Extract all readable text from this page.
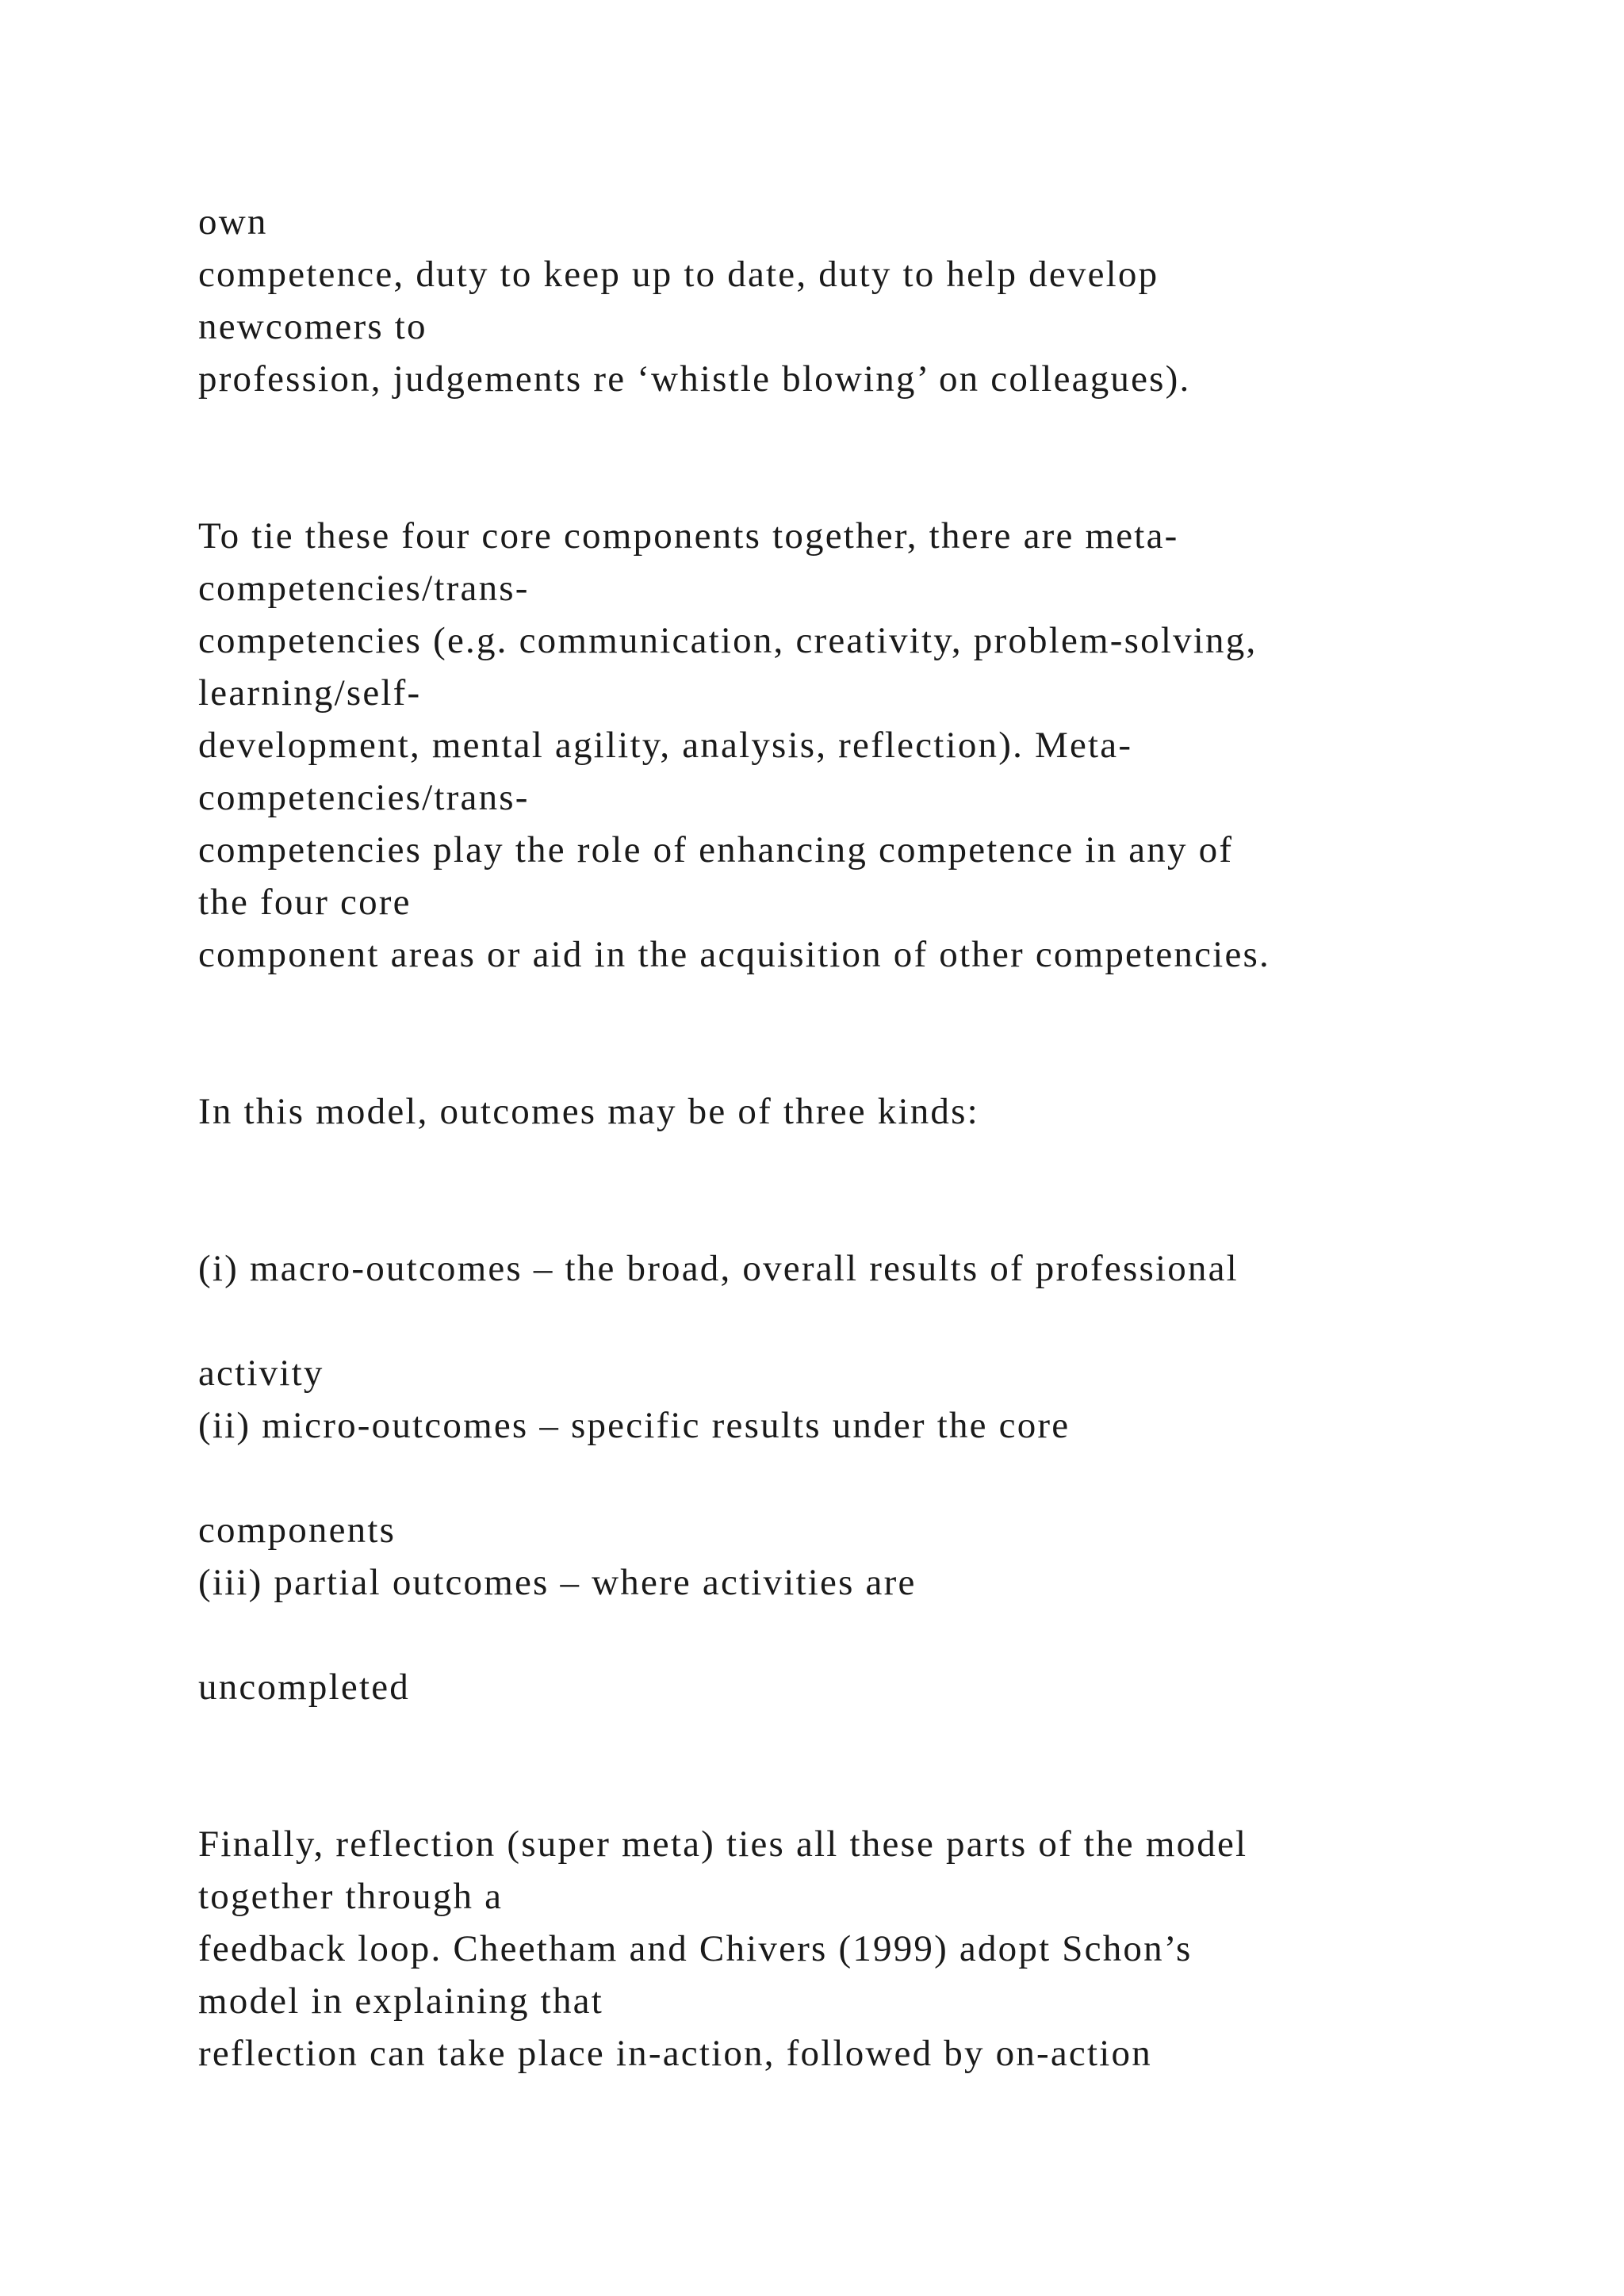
own

competence, duty to keep up to date, duty to help develop

newcomers to

profession, judgements re ‘whistle blowing’ on colleagues).

To tie these four core components together, there are meta-

competencies/trans-

competencies (e.g. communication, creativity, problem-solving,

learning/self-

development, mental agility, analysis, reflection). Meta-

competencies/trans-

competencies play the role of enhancing competence in any of

the four core

component areas or aid in the acquisition of other competencies.

In this model, outcomes may be of three kinds:

(i) macro-outcomes – the broad, overall results of professional

activity

(ii) micro-outcomes – specific results under the core

components

(iii) partial outcomes – where activities are

uncompleted

Finally, reflection (super meta) ties all these parts of the model

together through a

feedback loop. Cheetham and Chivers (1999) adopt Schon’s

model in explaining that

reflection can take place in-action, followed by on-action
